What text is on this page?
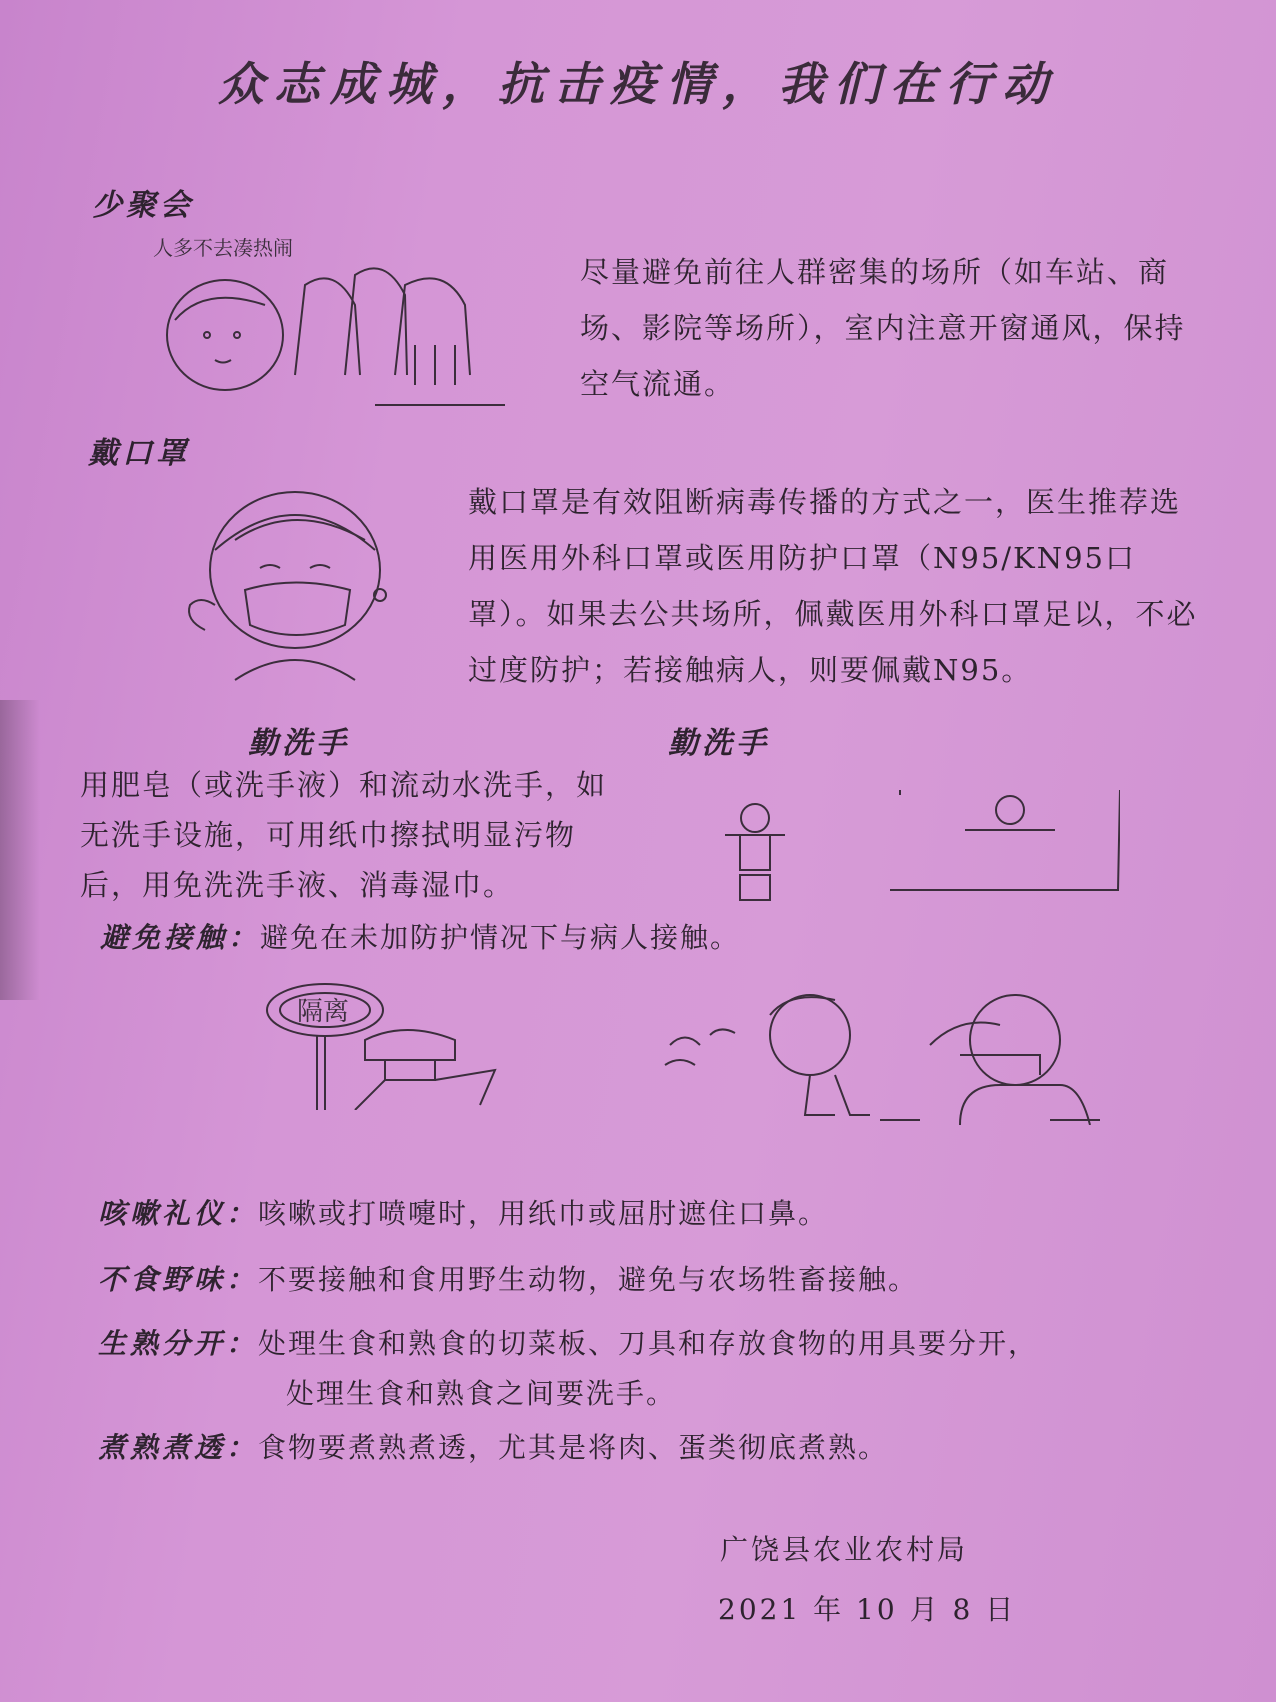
众志成城，抗击疫情，我们在行动
少聚会
人多不去凑热闹
尽量避免前往人群密集的场所（如车站、商场、影院等场所），室内注意开窗通风，保持空气流通。
戴口罩
戴口罩是有效阻断病毒传播的方式之一，医生推荐选用医用外科口罩或医用防护口罩（N95/KN95口罩）。如果去公共场所，佩戴医用外科口罩足以，不必过度防护；若接触病人，则要佩戴N95。
勤洗手	勤洗手
用肥皂（或洗手液）和流动水洗手，如无洗手设施，可用纸巾擦拭明显污物后，用免洗洗手液、消毒湿巾。
避免接触：避免在未加防护情况下与病人接触。
隔离
咳嗽礼仪：咳嗽或打喷嚏时，用纸巾或屈肘遮住口鼻。
不食野味：不要接触和食用野生动物，避免与农场牲畜接触。
生熟分开：处理生食和熟食的切菜板、刀具和存放食物的用具要分开，
处理生食和熟食之间要洗手。
煮熟煮透：食物要煮熟煮透，尤其是将肉、蛋类彻底煮熟。
广饶县农业农村局
2021 年 10 月 8 日
